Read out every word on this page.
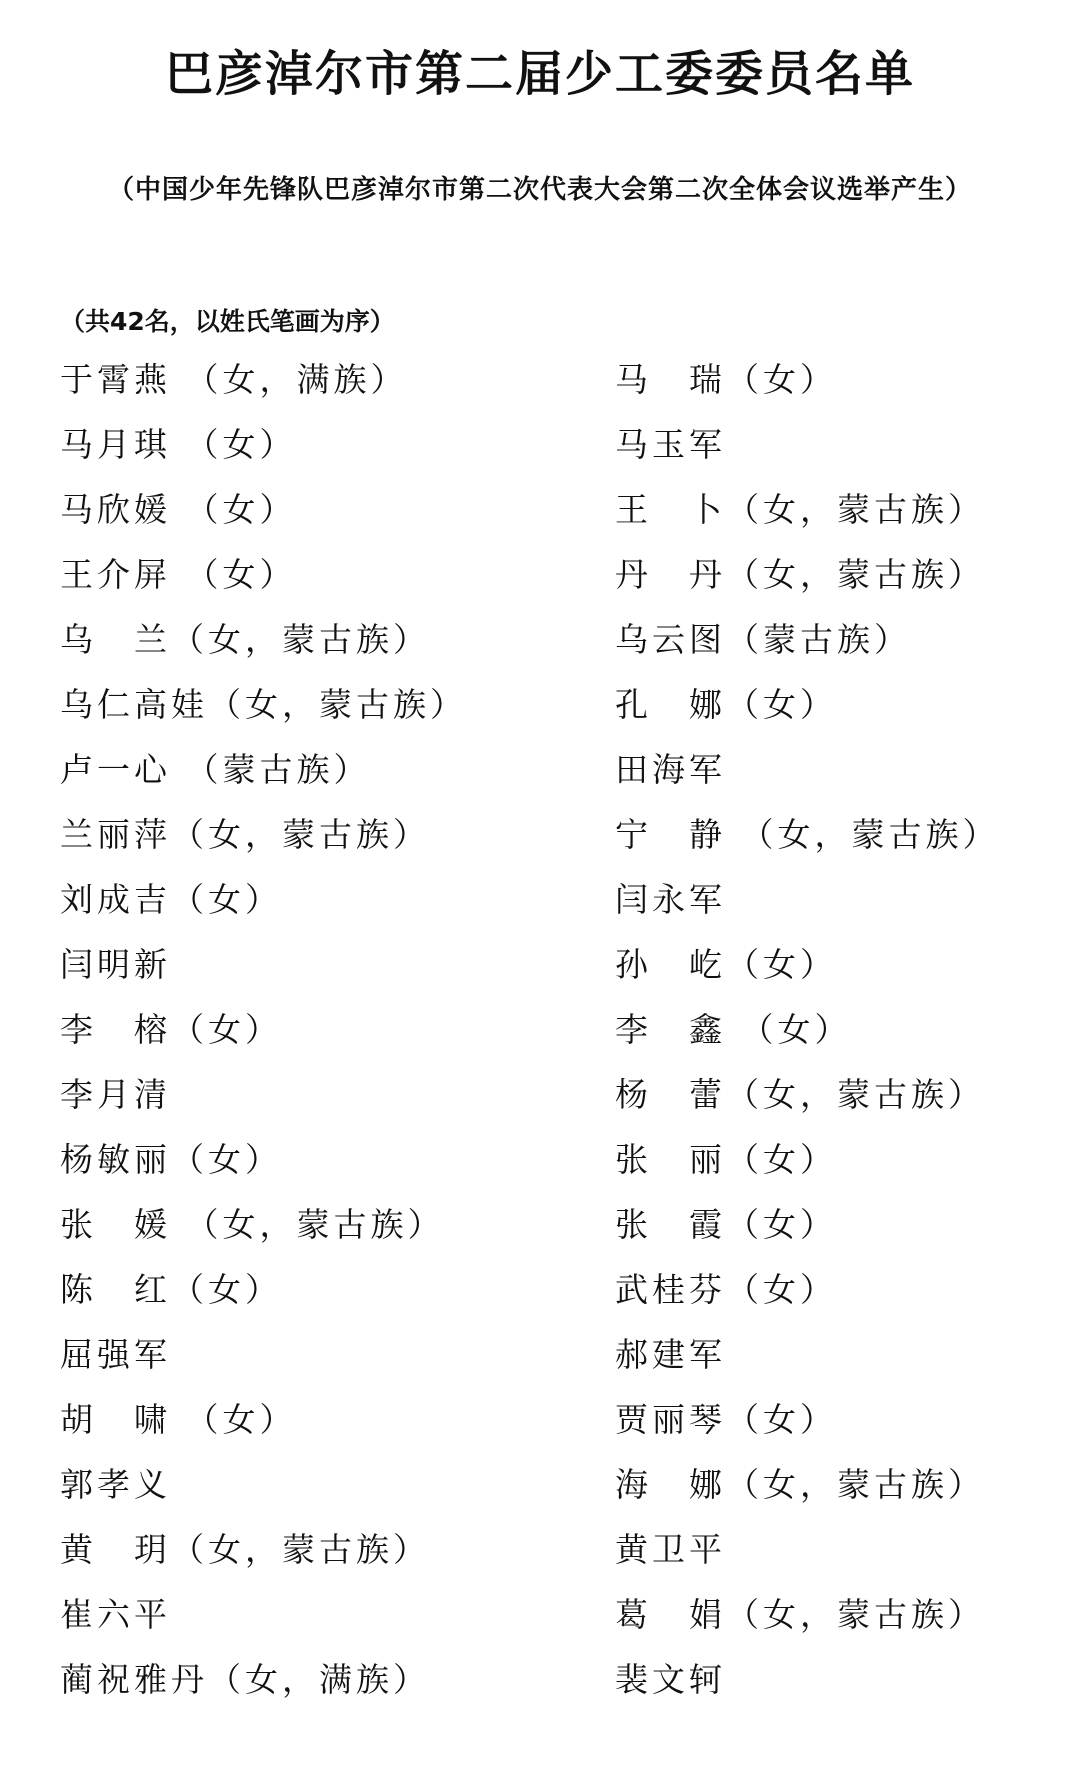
巴彦淖尔市第二届少工委委员名单
（中国少年先锋队巴彦淖尔市第二次代表大会第二次全体会议选举产生）
（共42名，以姓氏笔画为序）
于霄燕 （女，满族）	马　瑞（女）
马月琪 （女）	马玉军
马欣媛 （女）	王　卜（女，蒙古族）
王介屏 （女）	丹　丹（女，蒙古族）
乌　兰（女，蒙古族）	乌云图（蒙古族）
乌仁高娃（女，蒙古族）	孔　娜（女）
卢一心 （蒙古族）	田海军
兰丽萍（女，蒙古族）	宁　静 （女，蒙古族）
刘成吉（女）	闫永军
闫明新	孙　屹（女）
李　榕（女）	李　鑫 （女）
李月清	杨　蕾（女，蒙古族）
杨敏丽（女）	张　丽（女）
张　媛 （女，蒙古族）	张　霞（女）
陈　红（女）	武桂芬（女）
屈强军	郝建军
胡　啸 （女）	贾丽琴（女）
郭孝义	海　娜（女，蒙古族）
黄　玥（女，蒙古族）	黄卫平
崔六平	葛　娟（女，蒙古族）
蔺祝雅丹（女，满族）	裴文轲
